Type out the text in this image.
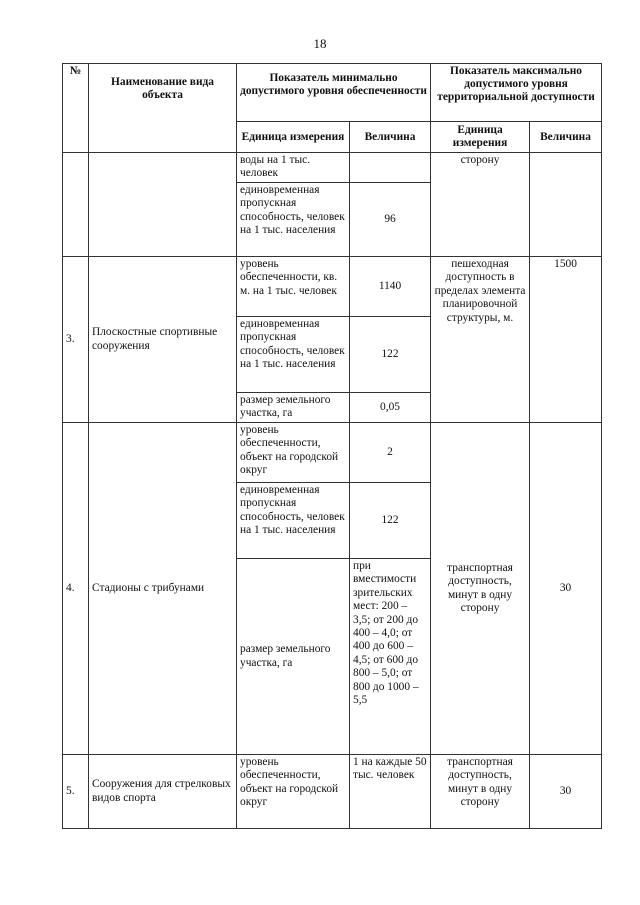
18
№	Наименование вида объекта	Показатель минимально допустимого уровня обеспеченности		Показатель максимально допустимого уровня территориальной доступности	
		Единица измерения	Величина	Единица измерения	Величина
		воды на 1 тыс. человек		сторону	
		единовременная пропускная способность, человек на 1 тыс. населения	96		
3.	Плоскостные спортивные сооружения	уровень обеспеченности, кв. м. на 1 тыс. человек	1140	пешеходная доступность в пределах элемента планировочной структуры, м.	1500
		единовременная пропускная способность, человек на 1 тыс. населения	122		
		размер земельного участка, га	0,05		
4.	Стадионы с трибунами	уровень обеспеченности, объект на городской округ	2	транспортная доступность, минут в одну сторону	30
		единовременная пропускная способность, человек на 1 тыс. населения	122		
		размер земельного участка, га	при вместимости зрительских мест: 200 – 3,5; от 200 до 400 – 4,0; от 400 до 600 – 4,5; от 600 до 800 – 5,0; от 800 до 1000 – 5,5		
5.	Сооружения для стрелковых видов спорта	уровень обеспеченности, объект на городской округ	1 на каждые 50 тыс. человек	транспортная доступность, минут в одну сторону	30
